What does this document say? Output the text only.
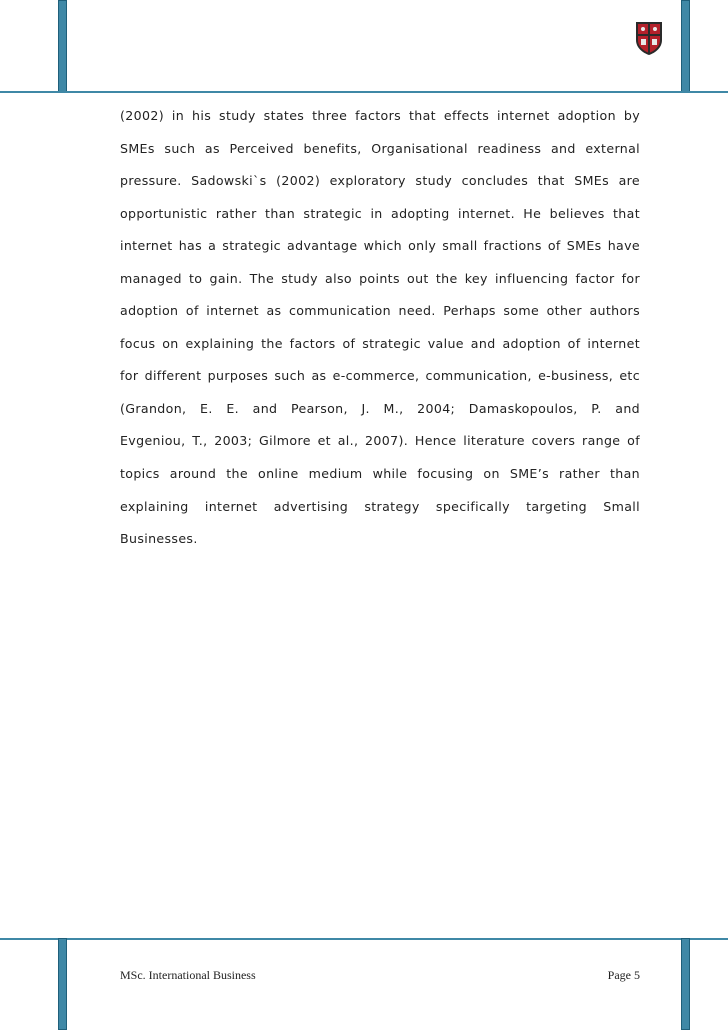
(2002) in his study states three factors that effects internet adoption by
SMEs such as Perceived benefits, Organisational readiness and external
pressure. Sadowski`s (2002) exploratory study concludes that SMEs are
opportunistic rather than strategic in adopting internet. He believes that
internet has a strategic advantage which only small fractions of SMEs have
managed to gain. The study also points out the key influencing factor for
adoption of internet as communication need. Perhaps some other authors
focus on explaining the factors of strategic value and adoption of internet
for different purposes such as e-commerce, communication, e-business, etc
(Grandon, E. E. and Pearson, J. M., 2004; Damaskopoulos, P. and
Evgeniou, T., 2003; Gilmore et al., 2007). Hence literature covers range of
topics around the online medium while focusing on SME’s rather than
explaining internet advertising strategy specifically targeting Small
Businesses.
MSc. International Business	Page 5
